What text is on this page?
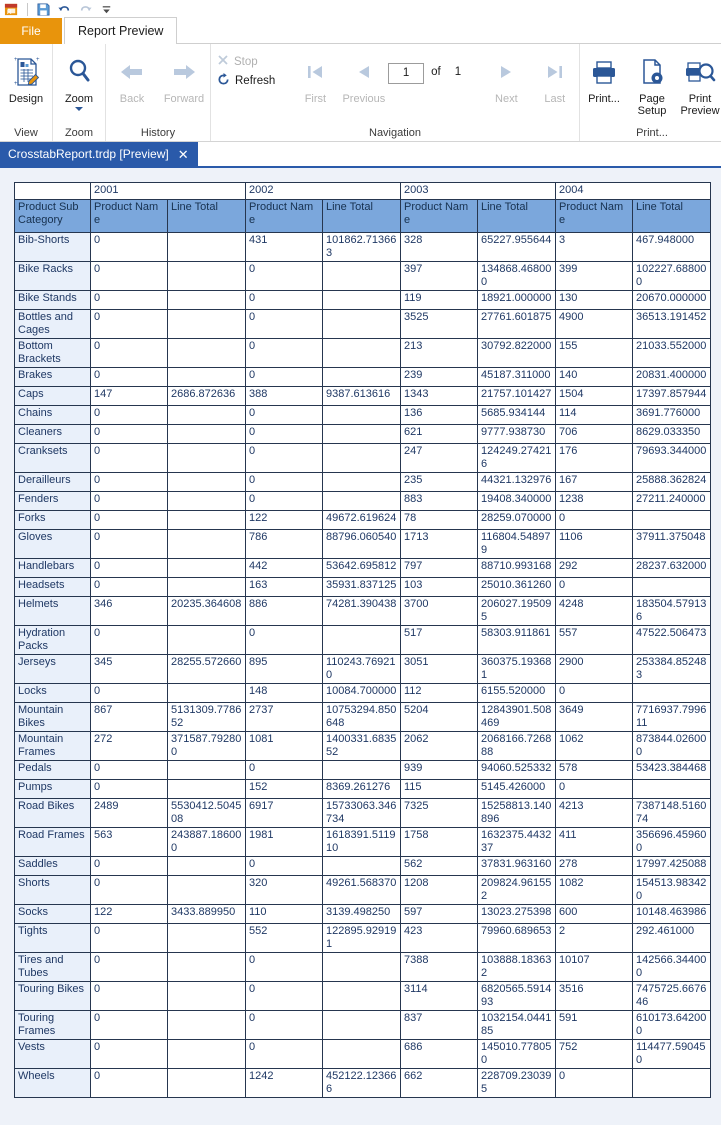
File	Report Preview
+	+
+
Design
View
Zoom
Zoom
Back Forward
History
Stop
Refresh
First Previous
1	of	1
Next Last
Navigation
Print... Page
Setup
Print
Preview
Print...
CrosstabReport.trdp [Preview] ✕
	2001		2002		2003		2004	
Product Sub Category	Product Name	Line Total	Product Name	Line Total	Product Name	Line Total	Product Name	Line Total
Bib-Shorts	0		431	101862.713663	328	65227.955644	3	467.948000
Bike Racks	0		0		397	134868.468000	399	102227.688000
Bike Stands	0		0		119	18921.000000	130	20670.000000
Bottles and Cages	0		0		3525	27761.601875	4900	36513.191452
Bottom Brackets	0		0		213	30792.822000	155	21033.552000
Brakes	0		0		239	45187.311000	140	20831.400000
Caps	147	2686.872636	388	9387.613616	1343	21757.101427	1504	17397.857944
Chains	0		0		136	5685.934144	114	3691.776000
Cleaners	0		0		621	9777.938730	706	8629.033350
Cranksets	0		0		247	124249.274216	176	79693.344000
Derailleurs	0		0		235	44321.132976	167	25888.362824
Fenders	0		0		883	19408.340000	1238	27211.240000
Forks	0		122	49672.619624	78	28259.070000	0	
Gloves	0		786	88796.060540	1713	116804.548979	1106	37911.375048
Handlebars	0		442	53642.695812	797	88710.993168	292	28237.632000
Headsets	0		163	35931.837125	103	25010.361260	0	
Helmets	346	20235.364608	886	74281.390438	3700	206027.195095	4248	183504.579136
Hydration Packs	0		0		517	58303.911861	557	47522.506473
Jerseys	345	28255.572660	895	110243.769210	3051	360375.193681	2900	253384.852483
Locks	0		148	10084.700000	112	6155.520000	0	
Mountain Bikes	867	5131309.778652	2737	10753294.850648	5204	12843901.508469	3649	7716937.799611
Mountain Frames	272	371587.792800	1081	1400331.683552	2062	2068166.726888	1062	873844.026000
Pedals	0		0		939	94060.525332	578	53423.384468
Pumps	0		152	8369.261276	115	5145.426000	0	
Road Bikes	2489	5530412.504508	6917	15733063.346734	7325	15258813.140896	4213	7387148.516074
Road Frames	563	243887.186000	1981	1618391.511910	1758	1632375.443237	411	356696.459600
Saddles	0		0		562	37831.963160	278	17997.425088
Shorts	0		320	49261.568370	1208	209824.961552	1082	154513.983420
Socks	122	3433.889950	110	3139.498250	597	13023.275398	600	10148.463986
Tights	0		552	122895.929191	423	79960.689653	2	292.461000
Tires and Tubes	0		0		7388	103888.183632	10107	142566.344000
Touring Bikes	0		0		3114	6820565.591493	3516	7475725.667646
Touring Frames	0		0		837	1032154.044185	591	610173.642000
Vests	0		0		686	145010.778050	752	114477.590450
Wheels	0		1242	452122.123666	662	228709.230395	0	
